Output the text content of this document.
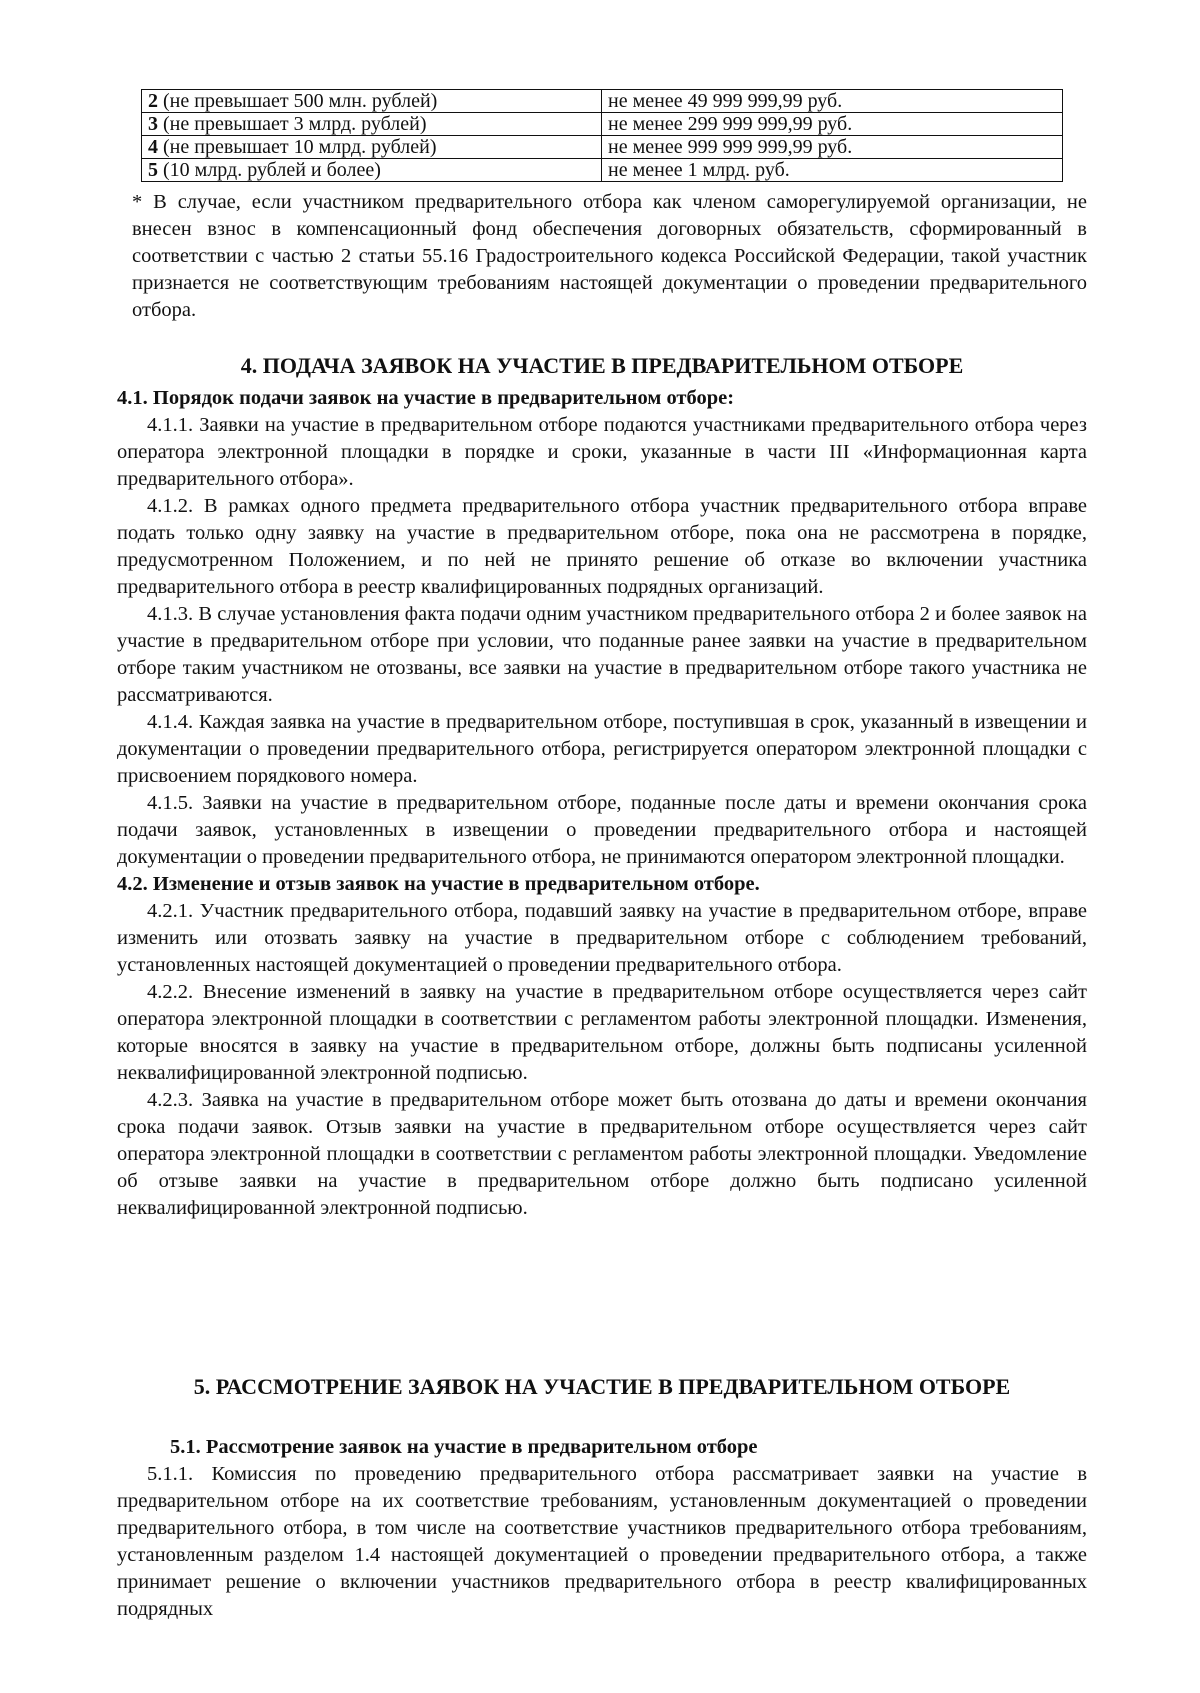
2 (не превышает 500 млн. рублей)	не менее 49 999 999,99 руб.
3 (не превышает 3 млрд. рублей)	не менее 299 999 999,99 руб.
4 (не превышает 10 млрд. рублей)	не менее 999 999 999,99 руб.
5 (10 млрд. рублей и более)	не менее 1 млрд. руб.

* В случае, если участником предварительного отбора как членом саморегулируемой организации, не внесен взнос в компенсационный фонд обеспечения договорных обязательств, сформированный в соответствии с частью 2 статьи 55.16 Градостроительного кодекса Российской Федерации, такой участник признается не соответствующим требованиям настоящей документации о проведении предварительного отбора.

4. ПОДАЧА ЗАЯВОК НА УЧАСТИЕ В ПРЕДВАРИТЕЛЬНОМ ОТБОРЕ
4.1. Порядок подачи заявок на участие в предварительном отборе:

4.1.1. Заявки на участие в предварительном отборе подаются участниками предварительного отбора через оператора электронной площадки в порядке и сроки, указанные в части III «Информационная карта предварительного отбора».

4.1.2. В рамках одного предмета предварительного отбора участник предварительного отбора вправе подать только одну заявку на участие в предварительном отборе, пока она не рассмотрена в порядке, предусмотренном Положением, и по ней не принято решение об отказе во включении участника предварительного отбора в реестр квалифицированных подрядных организаций.

4.1.3. В случае установления факта подачи одним участником предварительного отбора 2 и более заявок на участие в предварительном отборе при условии, что поданные ранее заявки на участие в предварительном отборе таким участником не отозваны, все заявки на участие в предварительном отборе такого участника не рассматриваются.

4.1.4. Каждая заявка на участие в предварительном отборе, поступившая в срок, указанный в извещении и документации о проведении предварительного отбора, регистрируется оператором электронной площадки с присвоением порядкового номера.

4.1.5. Заявки на участие в предварительном отборе, поданные после даты и времени окончания срока подачи заявок, установленных в извещении о проведении предварительного отбора и настоящей документации о проведении предварительного отбора, не принимаются оператором электронной площадки.

4.2. Изменение и отзыв заявок на участие в предварительном отборе.

4.2.1. Участник предварительного отбора, подавший заявку на участие в предварительном отборе, вправе изменить или отозвать заявку на участие в предварительном отборе с соблюдением требований, установленных настоящей документацией о проведении предварительного отбора.

4.2.2. Внесение изменений в заявку на участие в предварительном отборе осуществляется через сайт оператора электронной площадки в соответствии с регламентом работы электронной площадки. Изменения, которые вносятся в заявку на участие в предварительном отборе, должны быть подписаны усиленной неквалифицированной электронной подписью.

4.2.3. Заявка на участие в предварительном отборе может быть отозвана до даты и времени окончания срока подачи заявок. Отзыв заявки на участие в предварительном отборе осуществляется через сайт оператора электронной площадки в соответствии с регламентом работы электронной площадки. Уведомление об отзыве заявки на участие в предварительном отборе должно быть подписано усиленной неквалифицированной электронной подписью.

5. РАССМОТРЕНИЕ ЗАЯВОК НА УЧАСТИЕ В ПРЕДВАРИТЕЛЬНОМ ОТБОРЕ
5.1. Рассмотрение заявок на участие в предварительном отборе

5.1.1. Комиссия по проведению предварительного отбора рассматривает заявки на участие в предварительном отборе на их соответствие требованиям, установленным документацией о проведении предварительного отбора, в том числе на соответствие участников предварительного отбора требованиям, установленным разделом 1.4 настоящей документацией о проведении предварительного отбора, а также принимает решение о включении участников предварительного отбора в реестр квалифицированных подрядных
